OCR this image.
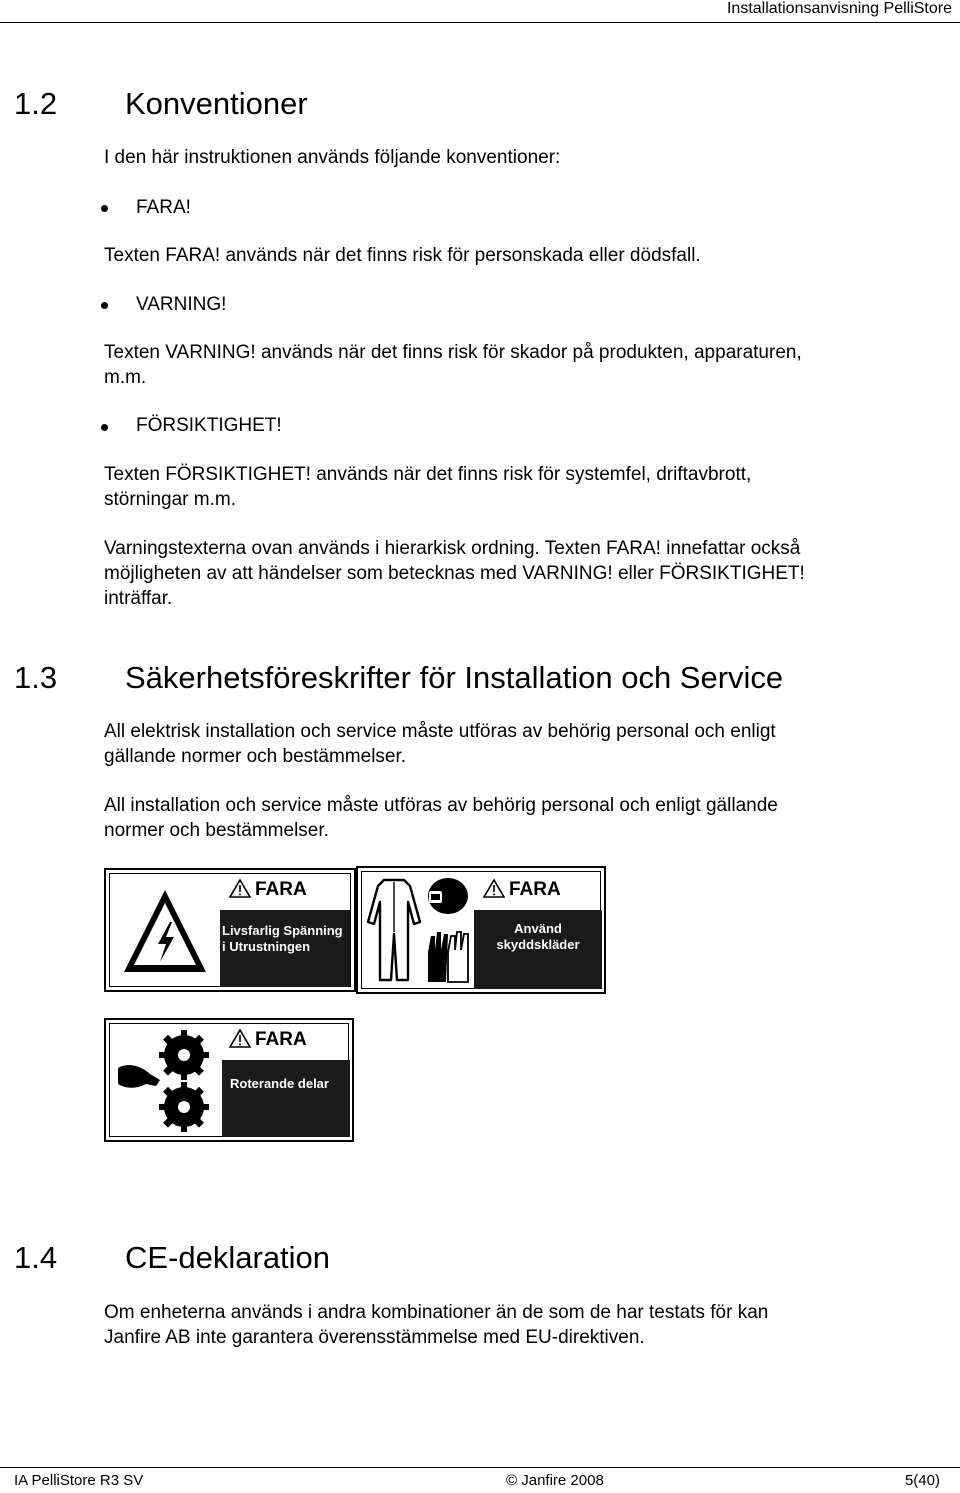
Installationsanvisning PelliStore
1.2 Konventioner
I den här instruktionen används följande konventioner:
FARA!
Texten FARA! används när det finns risk för personskada eller dödsfall.
VARNING!
Texten VARNING! används när det finns risk för skador på produkten, apparaturen,
m.m.
FÖRSIKTIGHET!
Texten FÖRSIKTIGHET! används när det finns risk för systemfel, driftavbrott,
störningar m.m.
Varningstexterna ovan används i hierarkisk ordning. Texten FARA! innefattar också
möjligheten av att händelser som betecknas med VARNING! eller FÖRSIKTIGHET!
inträffar.
1.3 Säkerhetsföreskrifter för Installation och Service
All elektrisk installation och service måste utföras av behörig personal och enligt
gällande normer och bestämmelser.
All installation och service måste utföras av behörig personal och enligt gällande
normer och bestämmelser.
FARA
Livsfarlig Spänning
i Utrustningen
FARA
Använd
skyddskläder
FARA
Roterande delar
1.4 CE-deklaration
Om enheterna används i andra kombinationer än de som de har testats för kan
Janfire AB inte garantera överensstämmelse med EU-direktiven.
IA PelliStore R3 SV	© Janfire 2008	5(40)
